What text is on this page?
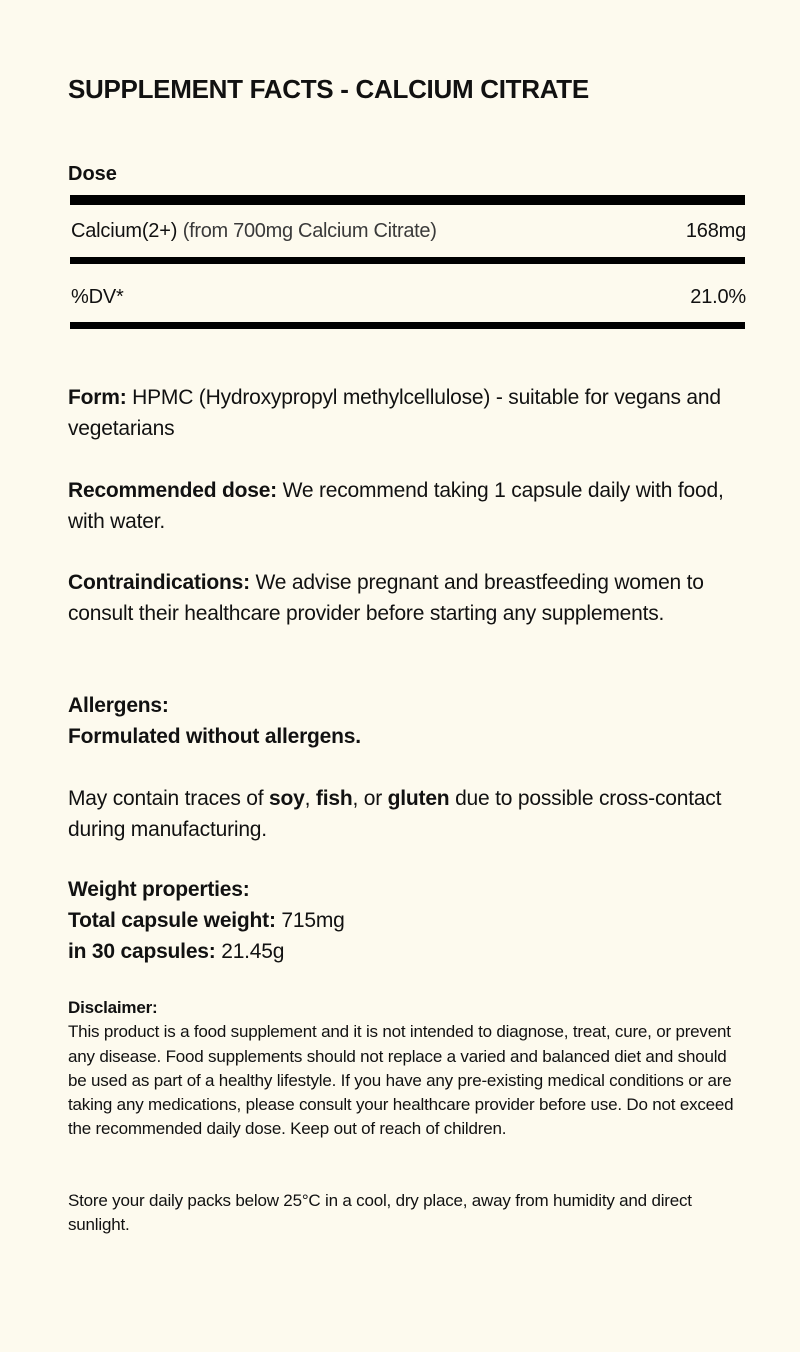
SUPPLEMENT FACTS - CALCIUM CITRATE
Dose
Calcium(2+) (from 700mg Calcium Citrate)	168mg
%DV*	21.0%
Form: HPMC (Hydroxypropyl methylcellulose) - suitable for vegans and vegetarians
Recommended dose: We recommend taking 1 capsule daily with food, with water.
Contraindications: We advise pregnant and breastfeeding women to consult their healthcare provider before starting any supplements.
Allergens:
Formulated without allergens.
May contain traces of soy, fish, or gluten due to possible cross-contact during manufacturing.
Weight properties:
Total capsule weight: 715mg
in 30 capsules: 21.45g
Disclaimer:
This product is a food supplement and it is not intended to diagnose, treat, cure, or prevent any disease. Food supplements should not replace a varied and balanced diet and should be used as part of a healthy lifestyle. If you have any pre-existing medical conditions or are taking any medications, please consult your healthcare provider before use. Do not exceed the recommended daily dose. Keep out of reach of children.
Store your daily packs below 25°C in a cool, dry place, away from humidity and direct sunlight.
